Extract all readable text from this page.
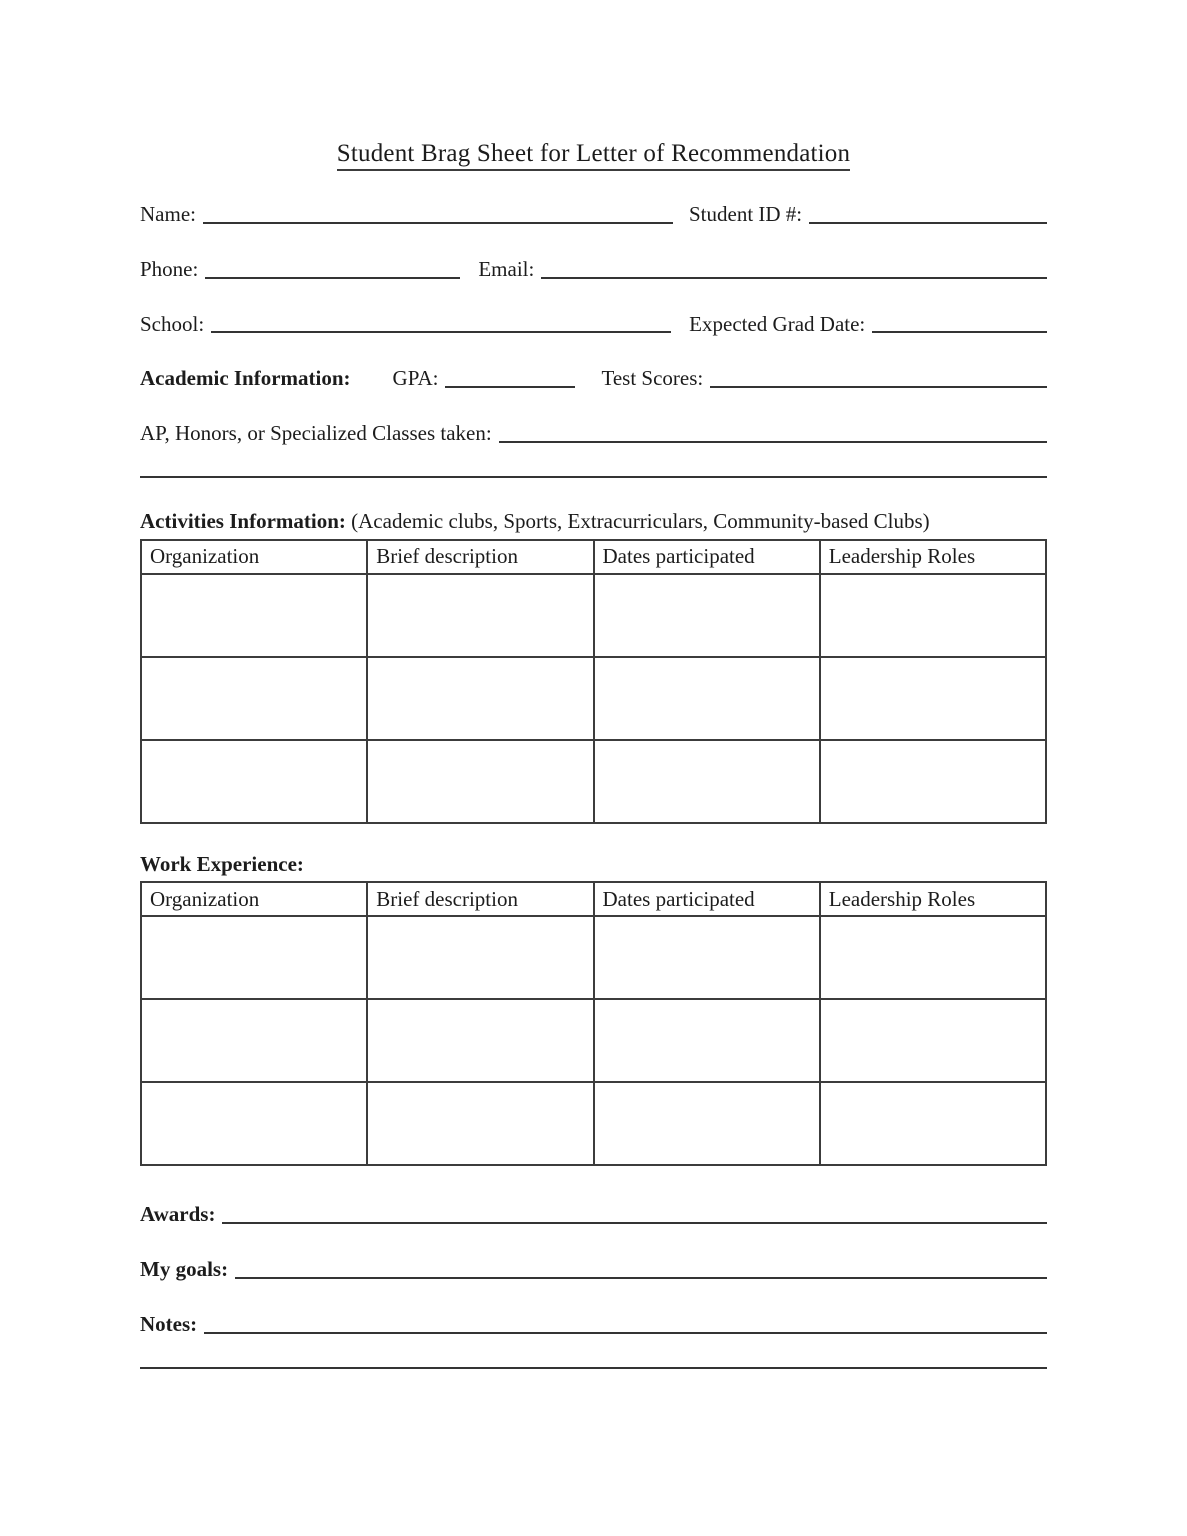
Student Brag Sheet for Letter of Recommendation
Name:	Student ID #:
Phone:	Email:
School:	Expected Grad Date:
Academic Information: GPA:	Test Scores:
AP, Honors, or Specialized Classes taken:
Activities Information: (Academic clubs, Sports, Extracurriculars, Community-based Clubs)
Organization	Brief description	Dates participated	Leadership Roles

Work Experience:
Organization	Brief description	Dates participated	Leadership Roles

Awards:
My goals:
Notes:
